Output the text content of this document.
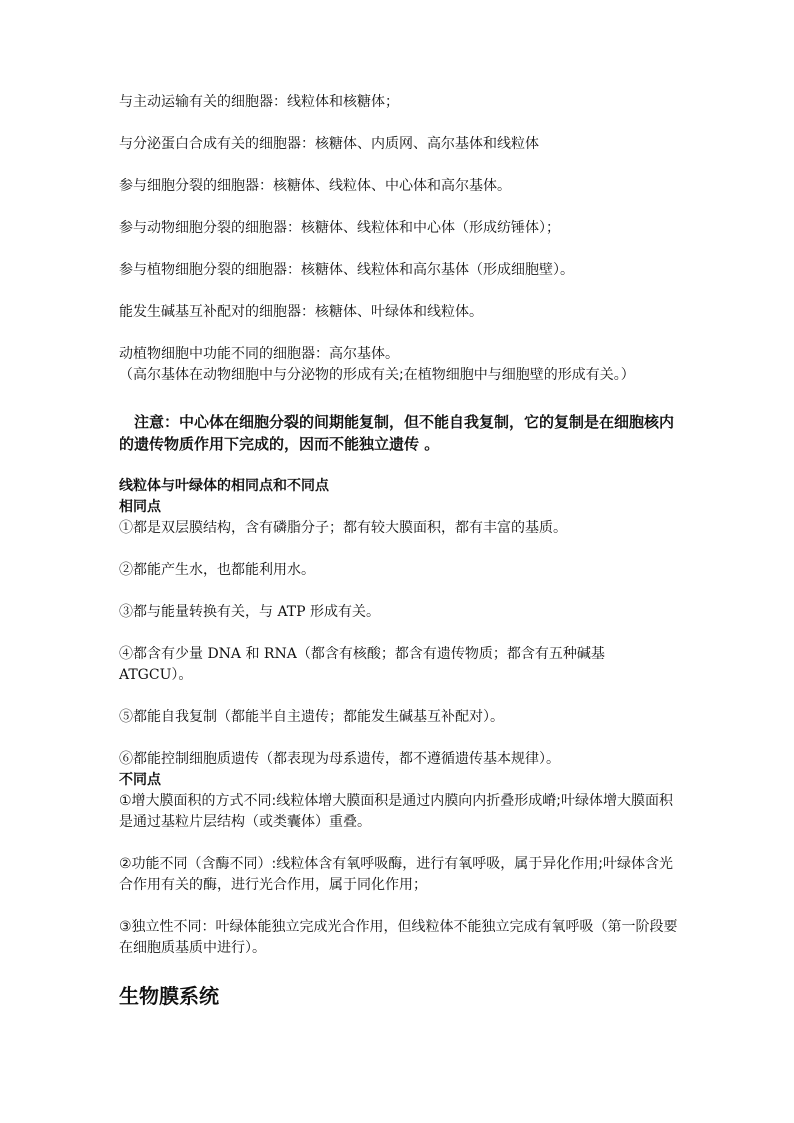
与主动运输有关的细胞器：线粒体和核糖体；

与分泌蛋白合成有关的细胞器：核糖体、内质网、高尔基体和线粒体

参与细胞分裂的细胞器：核糖体、线粒体、中心体和高尔基体。

参与动物细胞分裂的细胞器：核糖体、线粒体和中心体（形成纺锤体）；

参与植物细胞分裂的细胞器：核糖体、线粒体和高尔基体（形成细胞壁）。

能发生碱基互补配对的细胞器：核糖体、叶绿体和线粒体。

动植物细胞中功能不同的细胞器：高尔基体。

（高尔基体在动物细胞中与分泌物的形成有关;在植物细胞中与细胞壁的形成有关。）

注意：中心体在细胞分裂的间期能复制，但不能自我复制，它的复制是在细胞核内的遗传物质作用下完成的，因而不能独立遗传 。

线粒体与叶绿体的相同点和不同点

相同点

①都是双层膜结构，含有磷脂分子；都有较大膜面积，都有丰富的基质。

②都能产生水，也都能利用水。

③都与能量转换有关，与 ATP 形成有关。

④都含有少量 DNA 和 RNA（都含有核酸；都含有遗传物质；都含有五种碱基 ATGCU）。

⑤都能自我复制（都能半自主遗传；都能发生碱基互补配对）。

⑥都能控制细胞质遗传（都表现为母系遗传，都不遵循遗传基本规律）。

不同点

①增大膜面积的方式不同:线粒体增大膜面积是通过内膜向内折叠形成嵴;叶绿体增大膜面积是通过基粒片层结构（或类囊体）重叠。

②功能不同（含酶不同）:线粒体含有氧呼吸酶，进行有氧呼吸，属于异化作用;叶绿体含光合作用有关的酶，进行光合作用，属于同化作用；

③独立性不同：叶绿体能独立完成光合作用，但线粒体不能独立完成有氧呼吸（第一阶段要在细胞质基质中进行）。

生物膜系统
